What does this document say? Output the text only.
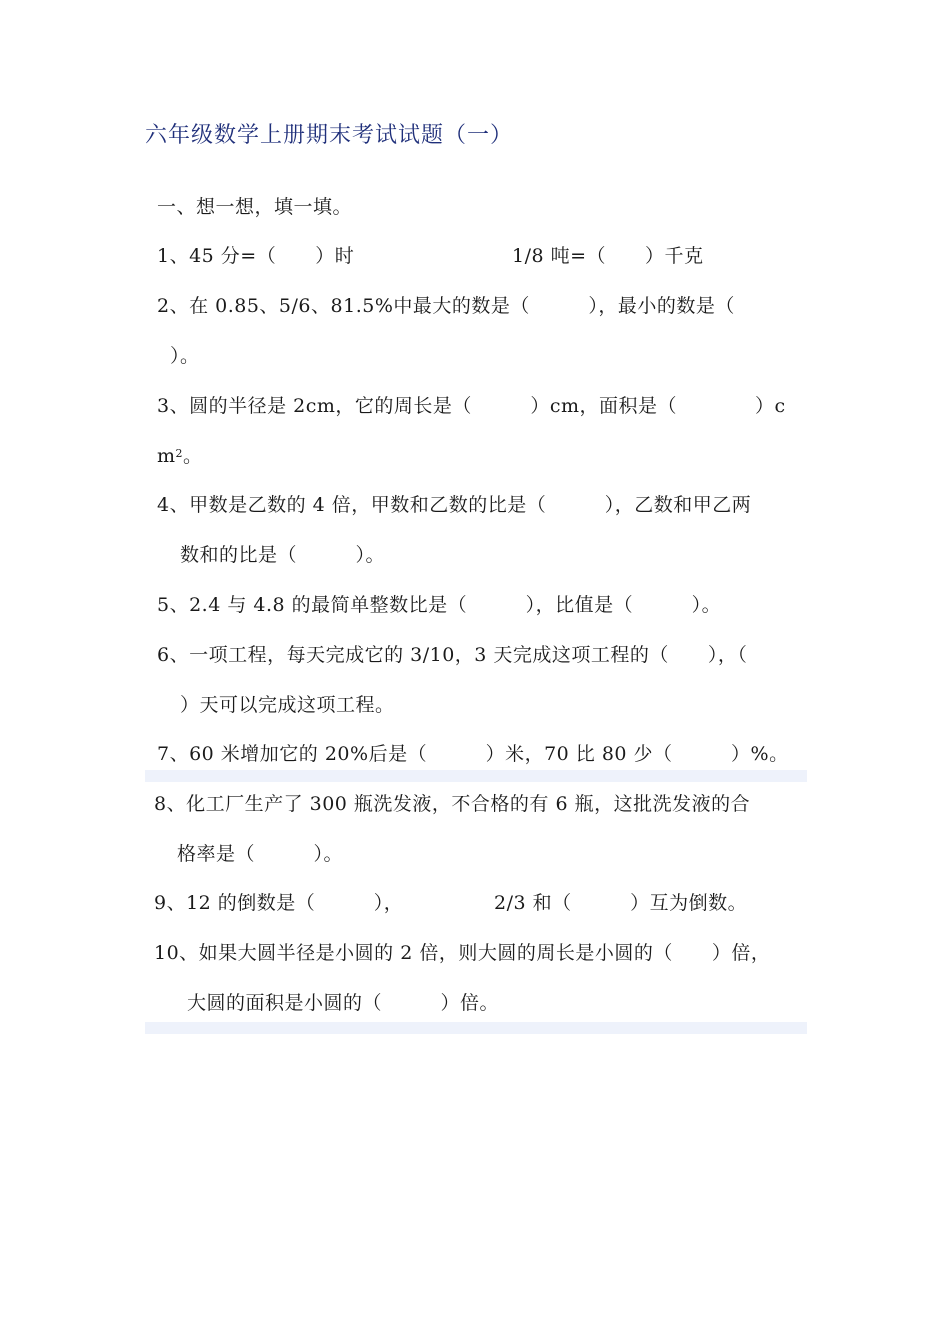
六年级数学上册期末考试试题（一）
一、想一想，填一填。
1、45 分=（　　）时	1/8 吨=（　　）千克
2、在 0.85、5/6、81.5%中最大的数是（　　　），最小的数是（
）。
3、圆的半径是 2cm，它的周长是（　　　）cm，面积是（　　　　）c
$m^2$。
4、甲数是乙数的 4 倍，甲数和乙数的比是（　　　），乙数和甲乙两
数和的比是（　　　）。
5、2.4 与 4.8 的最简单整数比是（　　　），比值是（　　　）。
6、一项工程，每天完成它的 3/10，3 天完成这项工程的（　　），（
）天可以完成这项工程。
7、60 米增加它的 20%后是（　　　）米，70 比 80 少（　　　）%。
8、化工厂生产了 300 瓶洗发液，不合格的有 6 瓶，这批洗发液的合
格率是（　　　）。
9、12 的倒数是（　　　），	2/3 和（　　　）互为倒数。
10、如果大圆半径是小圆的 2 倍，则大圆的周长是小圆的（　　）倍，
大圆的面积是小圆的（　　　）倍。
